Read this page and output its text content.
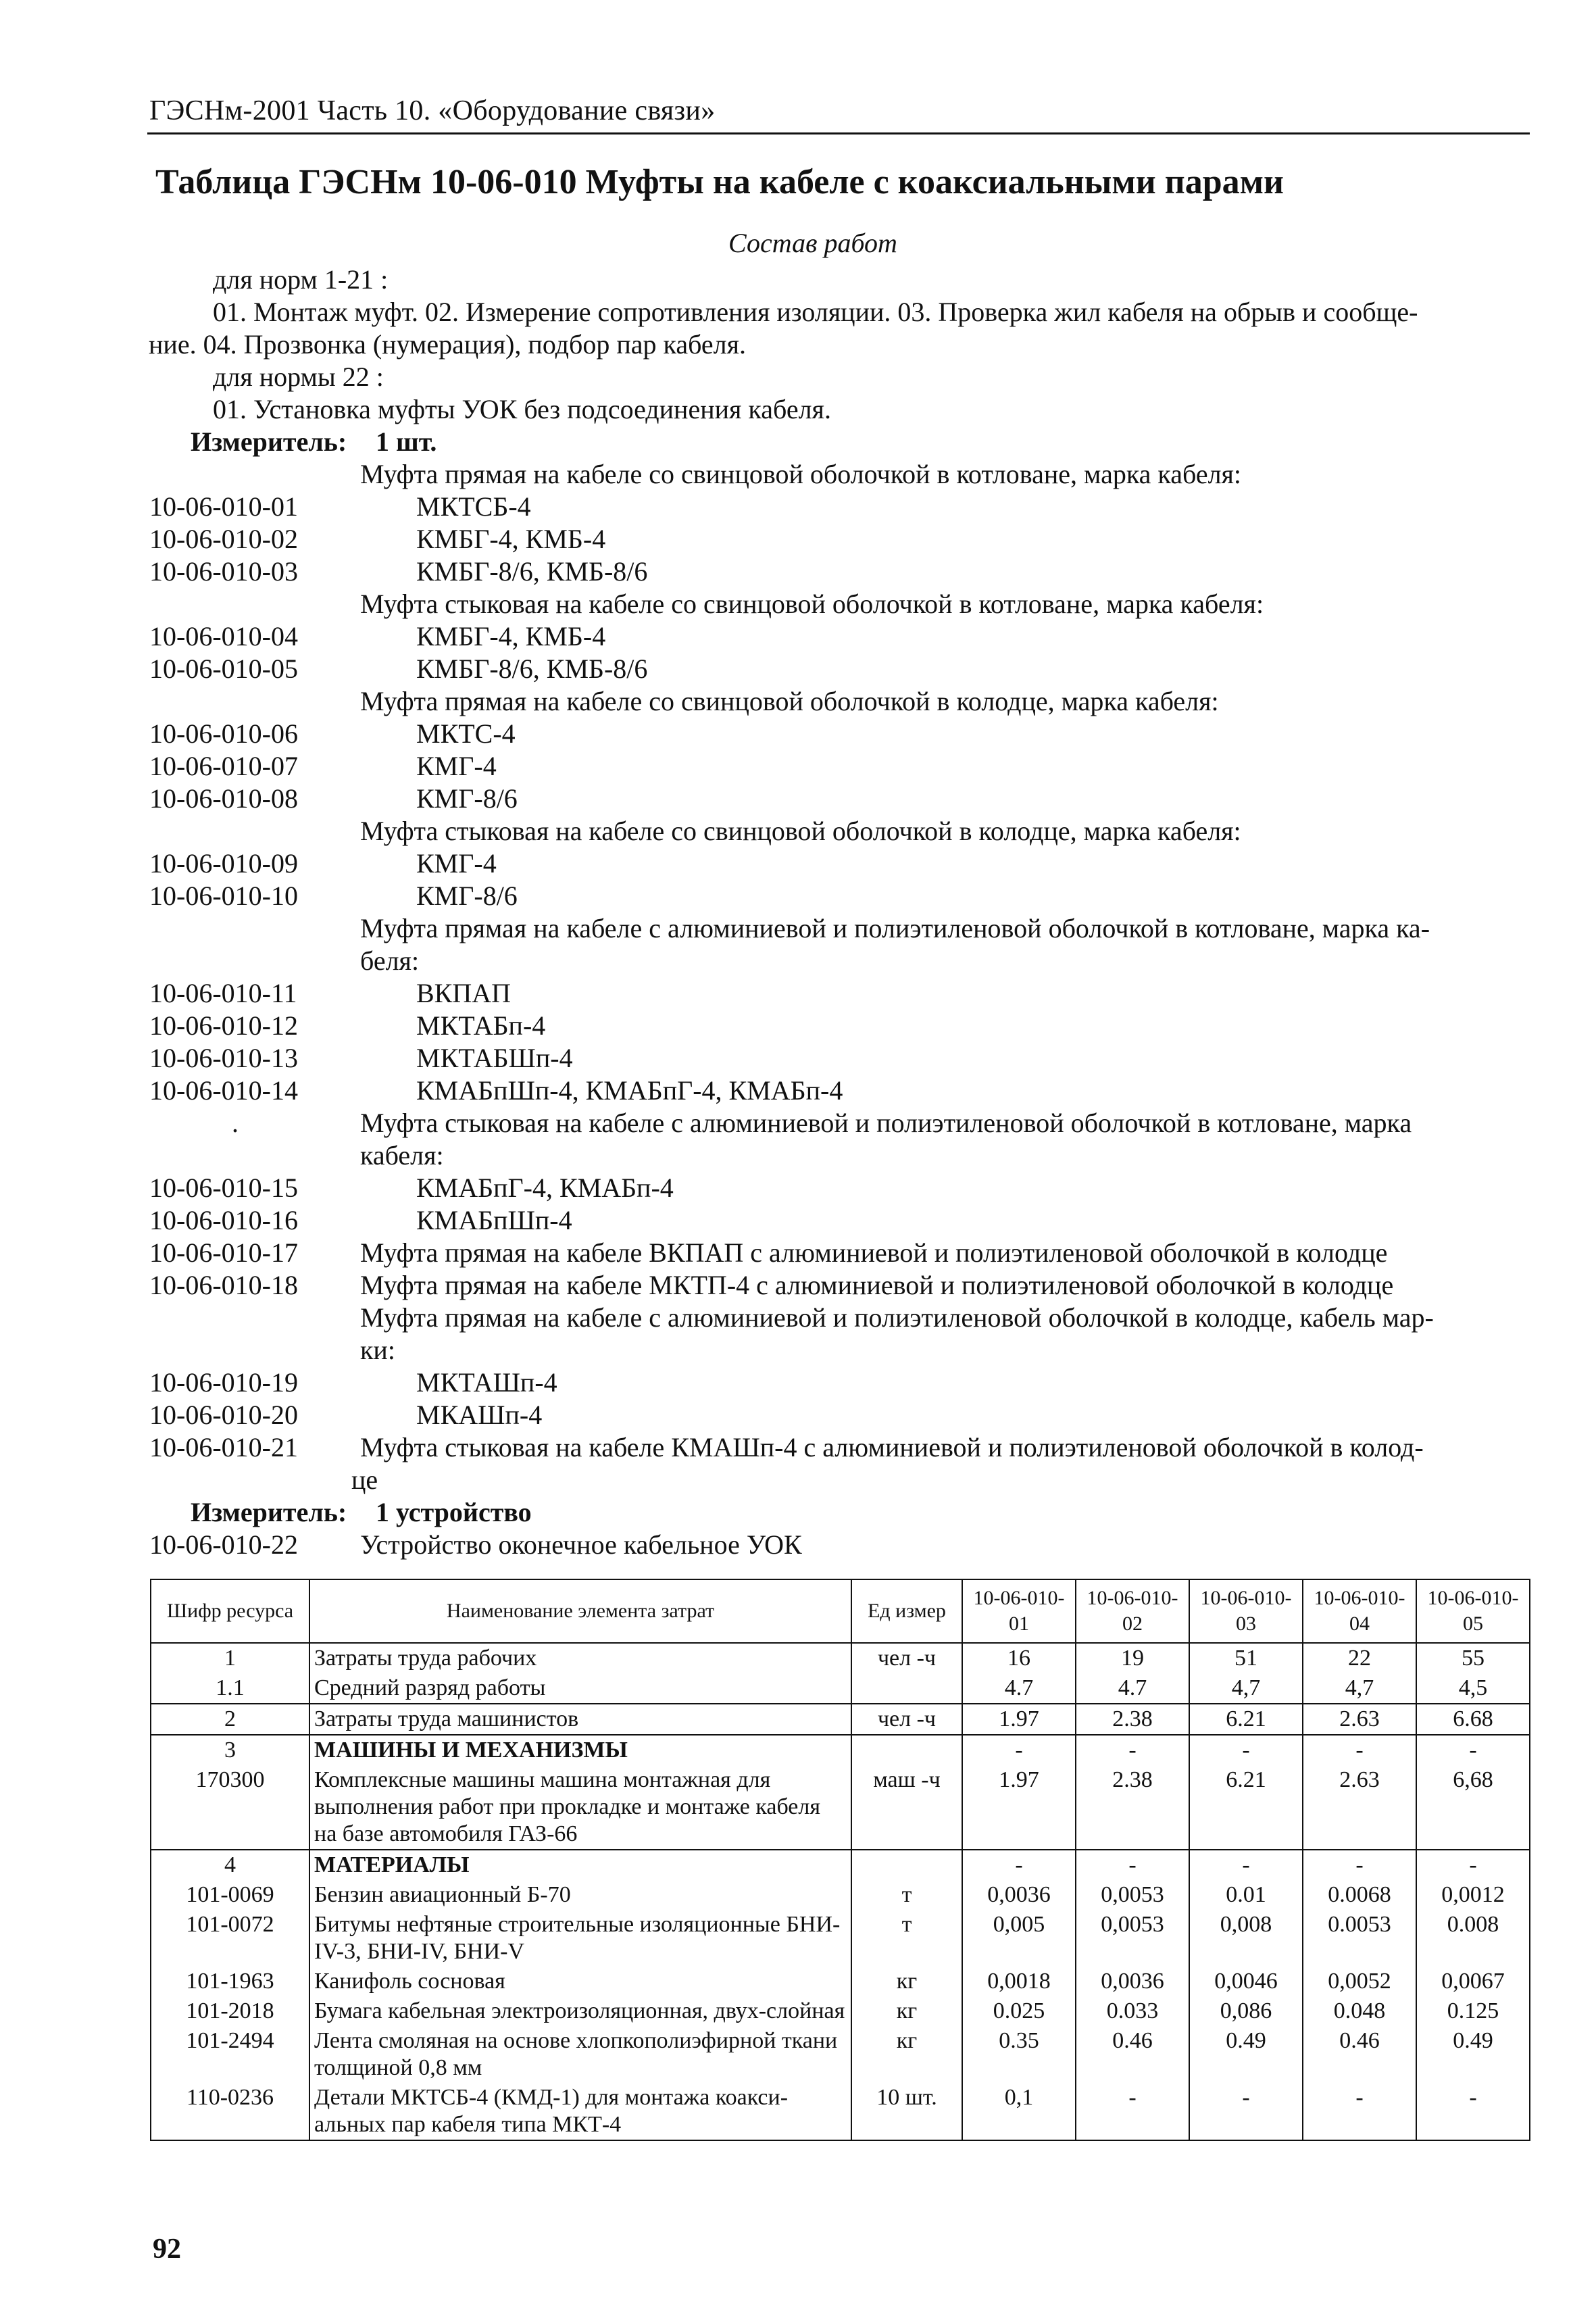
ГЭСНм-2001 Часть 10. «Оборудование связи»
Таблица ГЭСНм 10-06-010 Муфты на кабеле с коаксиальными парами
Состав работ
для норм 1-21 :
01. Монтаж муфт. 02. Измерение сопротивления изоляции. 03. Проверка жил кабеля на обрыв и сообще-
ние. 04. Прозвонка (нумерация), подбор пар кабеля.
для нормы 22 :
01. Установка муфты УОК без подсоединения кабеля.
Измеритель: 1 шт.
Муфта прямая на кабеле со свинцовой оболочкой в котловане, марка кабеля:
10-06-010-01	МКТСБ-4
10-06-010-02	КМБГ-4, КМБ-4
10-06-010-03	КМБГ-8/6, КМБ-8/6
Муфта стыковая на кабеле со свинцовой оболочкой в котловане, марка кабеля:
10-06-010-04	КМБГ-4, КМБ-4
10-06-010-05	КМБГ-8/6, КМБ-8/6
Муфта прямая на кабеле со свинцовой оболочкой в колодце, марка кабеля:
10-06-010-06	МКТС-4
10-06-010-07	КМГ-4
10-06-010-08	КМГ-8/6
Муфта стыковая на кабеле со свинцовой оболочкой в колодце, марка кабеля:
10-06-010-09	КМГ-4
10-06-010-10	КМГ-8/6
Муфта прямая на кабеле с алюминиевой и полиэтиленовой оболочкой в котловане, марка ка-
беля:
10-06-010-11	ВКПАП
10-06-010-12	МКТАБп-4
10-06-010-13	МКТАБШп-4
10-06-010-14	КМАБпШп-4, КМАБпГ-4, КМАБп-4
.	Муфта стыковая на кабеле с алюминиевой и полиэтиленовой оболочкой в котловане, марка
кабеля:
10-06-010-15	КМАБпГ-4, КМАБп-4
10-06-010-16	КМАБпШп-4
10-06-010-17 Муфта прямая на кабеле ВКПАП с алюминиевой и полиэтиленовой оболочкой в колодце
10-06-010-18 Муфта прямая на кабеле МКТП-4 с алюминиевой и полиэтиленовой оболочкой в колодце
Муфта прямая на кабеле с алюминиевой и полиэтиленовой оболочкой в колодце, кабель мар-
ки:
10-06-010-19	МКТАШп-4
10-06-010-20	МКАШп-4
10-06-010-21 Муфта стыковая на кабеле КМАШп-4 с алюминиевой и полиэтиленовой оболочкой в колод-
це
Измеритель: 1 устройство
10-06-010-22 Устройство оконечное кабельное УОК
Шифр ресурса	Наименование элемента затрат	Ед измер	10-06-010-01	10-06-010-02	10-06-010-03	10-06-010-04	10-06-010-05
1	Затраты труда рабочих	чел -ч	16	19	51	22	55
1.1	Средний разряд работы		4.7	4.7	4,7	4,7	4,5
2	Затраты труда машинистов	чел -ч	1.97	2.38	6.21	2.63	6.68
3	МАШИНЫ И МЕХАНИЗМЫ		-	-	-	-	-
170300	Комплексные машины машина монтажная для выполнения работ при прокладке и монтаже кабеля на базе автомобиля ГАЗ-66	маш -ч	1.97	2.38	6.21	2.63	6,68
4	МАТЕРИАЛЫ		-	-	-	-	-
101-0069	Бензин авиационный Б-70	т	0,0036	0,0053	0.01	0.0068	0,0012
101-0072	Битумы нефтяные строительные изоляционные БНИ-IV-3, БНИ-IV, БНИ-V	т	0,005	0,0053	0,008	0.0053	0.008
101-1963	Канифоль сосновая	кг	0,0018	0,0036	0,0046	0,0052	0,0067
101-2018	Бумага кабельная электроизоляционная, двух-слойная	кг	0.025	0.033	0,086	0.048	0.125
101-2494	Лента смоляная на основе хлопкополиэфирной ткани толщиной 0,8 мм	кг	0.35	0.46	0.49	0.46	0.49
110-0236	Детали МКТСБ-4 (КМД-1) для монтажа коакси-альных пар кабеля типа МКТ-4	10 шт.	0,1	-	-	-	-
92
